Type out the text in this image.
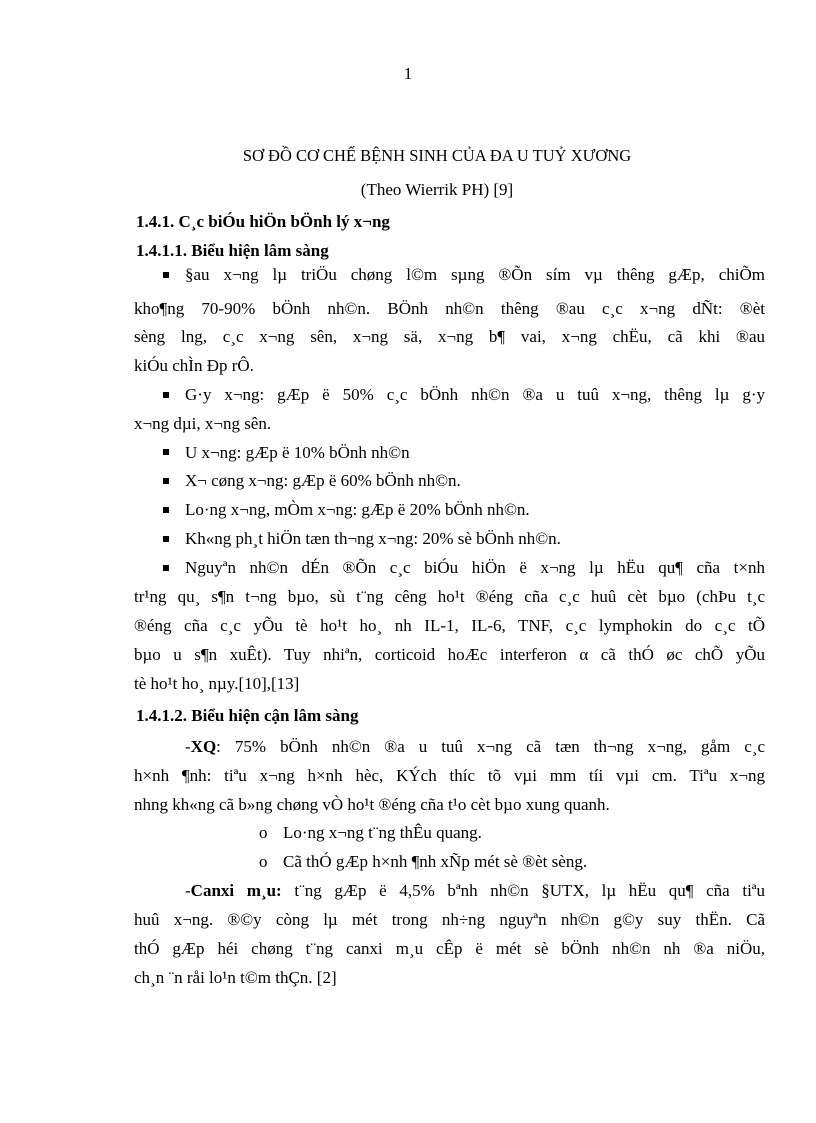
1
SƠ ĐỒ CƠ CHẾ BỆNH SINH CỦA ĐA U TUỶ XƯƠNG
(Theo Wierrik PH) [9]
1.4.1. C¸c biÓu hiÖn bÖnh lý x¬ng
1.4.1.1. Biểu hiện lâm sàng
§au x¬ng lµ triÖu chøng l©m sµng ®Õn sím vµ thêng gÆp, chiÕm
kho¶ng 70-90% bÖnh nh©n. BÖnh nh©n thêng ®au c¸c x¬ng dÑt: ®èt
sèng lng, c¸c x¬ng sên, x¬ng sä, x¬ng b¶ vai, x¬ng chËu, cã khi ®au
kiÓu chÌn Ðp rÔ.
G·y x¬ng: gÆp ë 50% c¸c bÖnh nh©n ®a u tuû x¬ng, thêng lµ g·y
x¬ng dµi, x¬ng sên.
U x¬ng: gÆp ë 10% bÖnh nh©n
X¬ cøng x¬ng: gÆp ë 60% bÖnh nh©n.
Lo·ng x¬ng, mÒm x¬ng: gÆp ë 20% bÖnh nh©n.
Kh«ng ph¸t hiÖn tæn th¬ng x¬ng: 20% sè bÖnh nh©n.
Nguyªn nh©n dÉn ®Õn c¸c biÓu hiÖn ë x¬ng lµ hËu qu¶ cña t×nh
tr¹ng qu¸ s¶n t¬ng bµo, sù t¨ng cêng ho¹t ®éng cña c¸c huû cèt bµo (chÞu t¸c
®éng cña c¸c yÕu tè ho¹t ho¸ nh IL-1, IL-6, TNF, c¸c lymphokin do c¸c tÕ
bµo u s¶n xuÊt). Tuy nhiªn, corticoid hoÆc interferon α cã thÓ øc chÕ yÕu
tè ho¹t ho¸ nµy.[10],[13]
1.4.1.2. Biểu hiện cận lâm sàng
-XQ: 75% bÖnh nh©n ®a u tuû x¬ng cã tæn th¬ng x¬ng, gåm c¸c
h×nh ¶nh: tiªu x¬ng h×nh hèc, KÝch thíc tõ vµi mm tíi vµi cm. Tiªu x¬ng
nhng kh«ng cã b»ng chøng vÒ ho¹t ®éng cña t¹o cèt bµo xung quanh.
o Lo·ng x¬ng t¨ng thÊu quang.
o Cã thÓ gÆp h×nh ¶nh xÑp mét sè ®èt sèng.
-Canxi m¸u: t¨ng gÆp ë 4,5% bªnh nh©n §UTX, lµ hËu qu¶ cña tiªu
huû x¬ng. ®©y còng lµ mét trong nh÷ng nguyªn nh©n g©y suy thËn. Cã
thÓ gÆp héi chøng t¨ng canxi m¸u cÊp ë mét sè bÖnh nh©n nh ®a niÖu,
ch¸n ¨n råi lo¹n t©m thÇn. [2]
